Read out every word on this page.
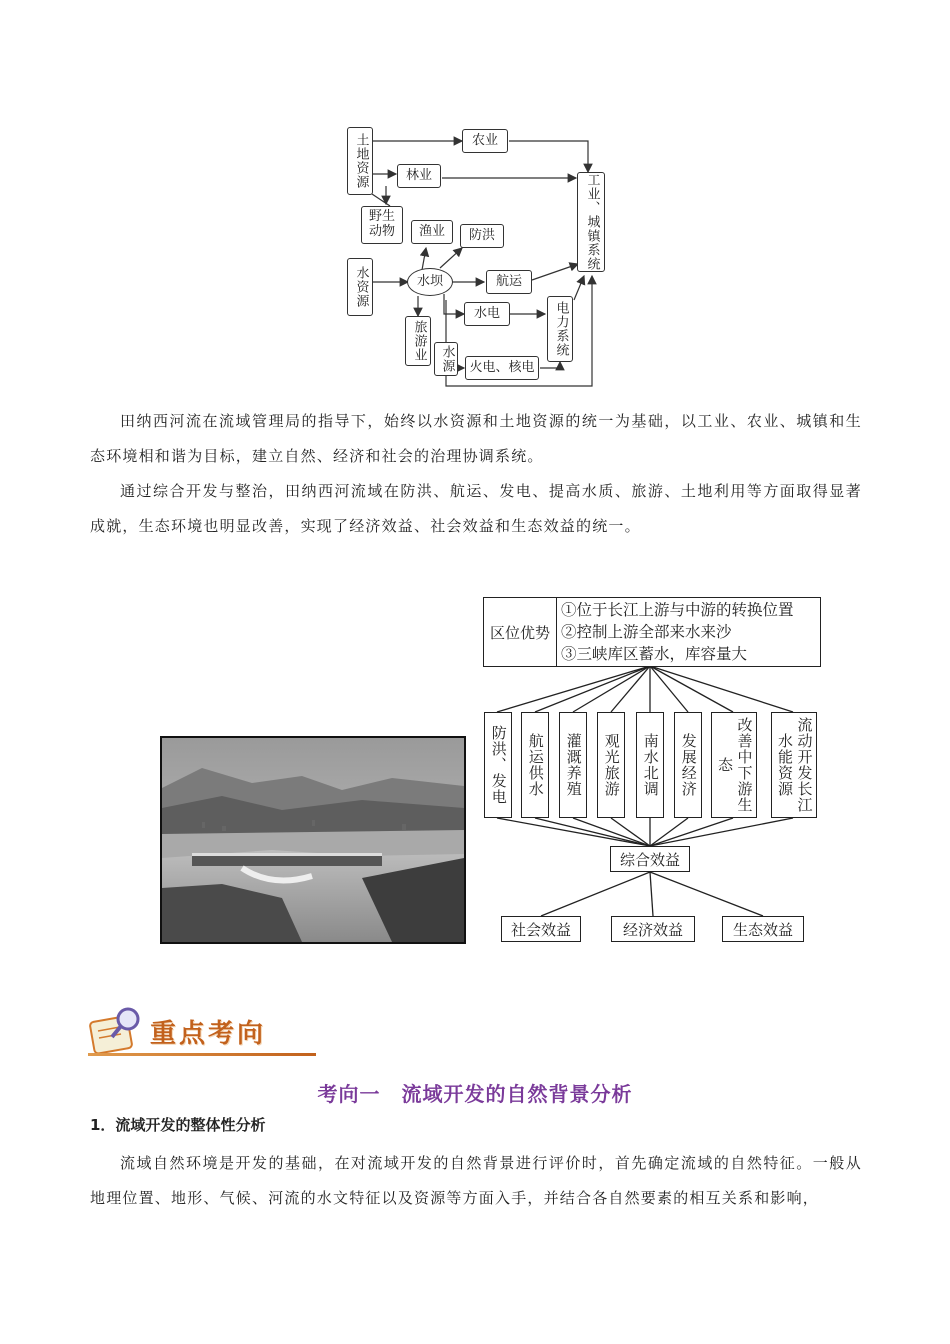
土地资源	农业
林业
野生动物 渔业 防洪
水资源	水坝	航运
水电
旅游业 水源 火电、核电
电力系统
工业、城镇系统
田纳西河流在流域管理局的指导下，始终以水资源和土地资源的统一为基础，以工业、农业、城镇和生态环境相和谐为目标，建立自然、经济和社会的治理协调系统。
通过综合开发与整治，田纳西河流域在防洪、航运、发电、提高水质、旅游、土地利用等方面取得显著成就，生态环境也明显改善，实现了经济效益、社会效益和生态效益的统一。
区位优势
①位于长江上游与中游的转换位置
②控制上游全部来水来沙
③三峡库区蓄水，库容量大
防洪、发电 航运供水 灌溉养殖 观光旅游 南水北调 发展经济	改善中下游生态	流动开发长江水能资源
综合效益
社会效益	经济效益	生态效益
重点考向
考向一　流域开发的自然背景分析
1．流域开发的整体性分析
流域自然环境是开发的基础，在对流域开发的自然背景进行评价时，首先确定流域的自然特征。一般从地理位置、地形、气候、河流的水文特征以及资源等方面入手，并结合各自然要素的相互关系和影响，
